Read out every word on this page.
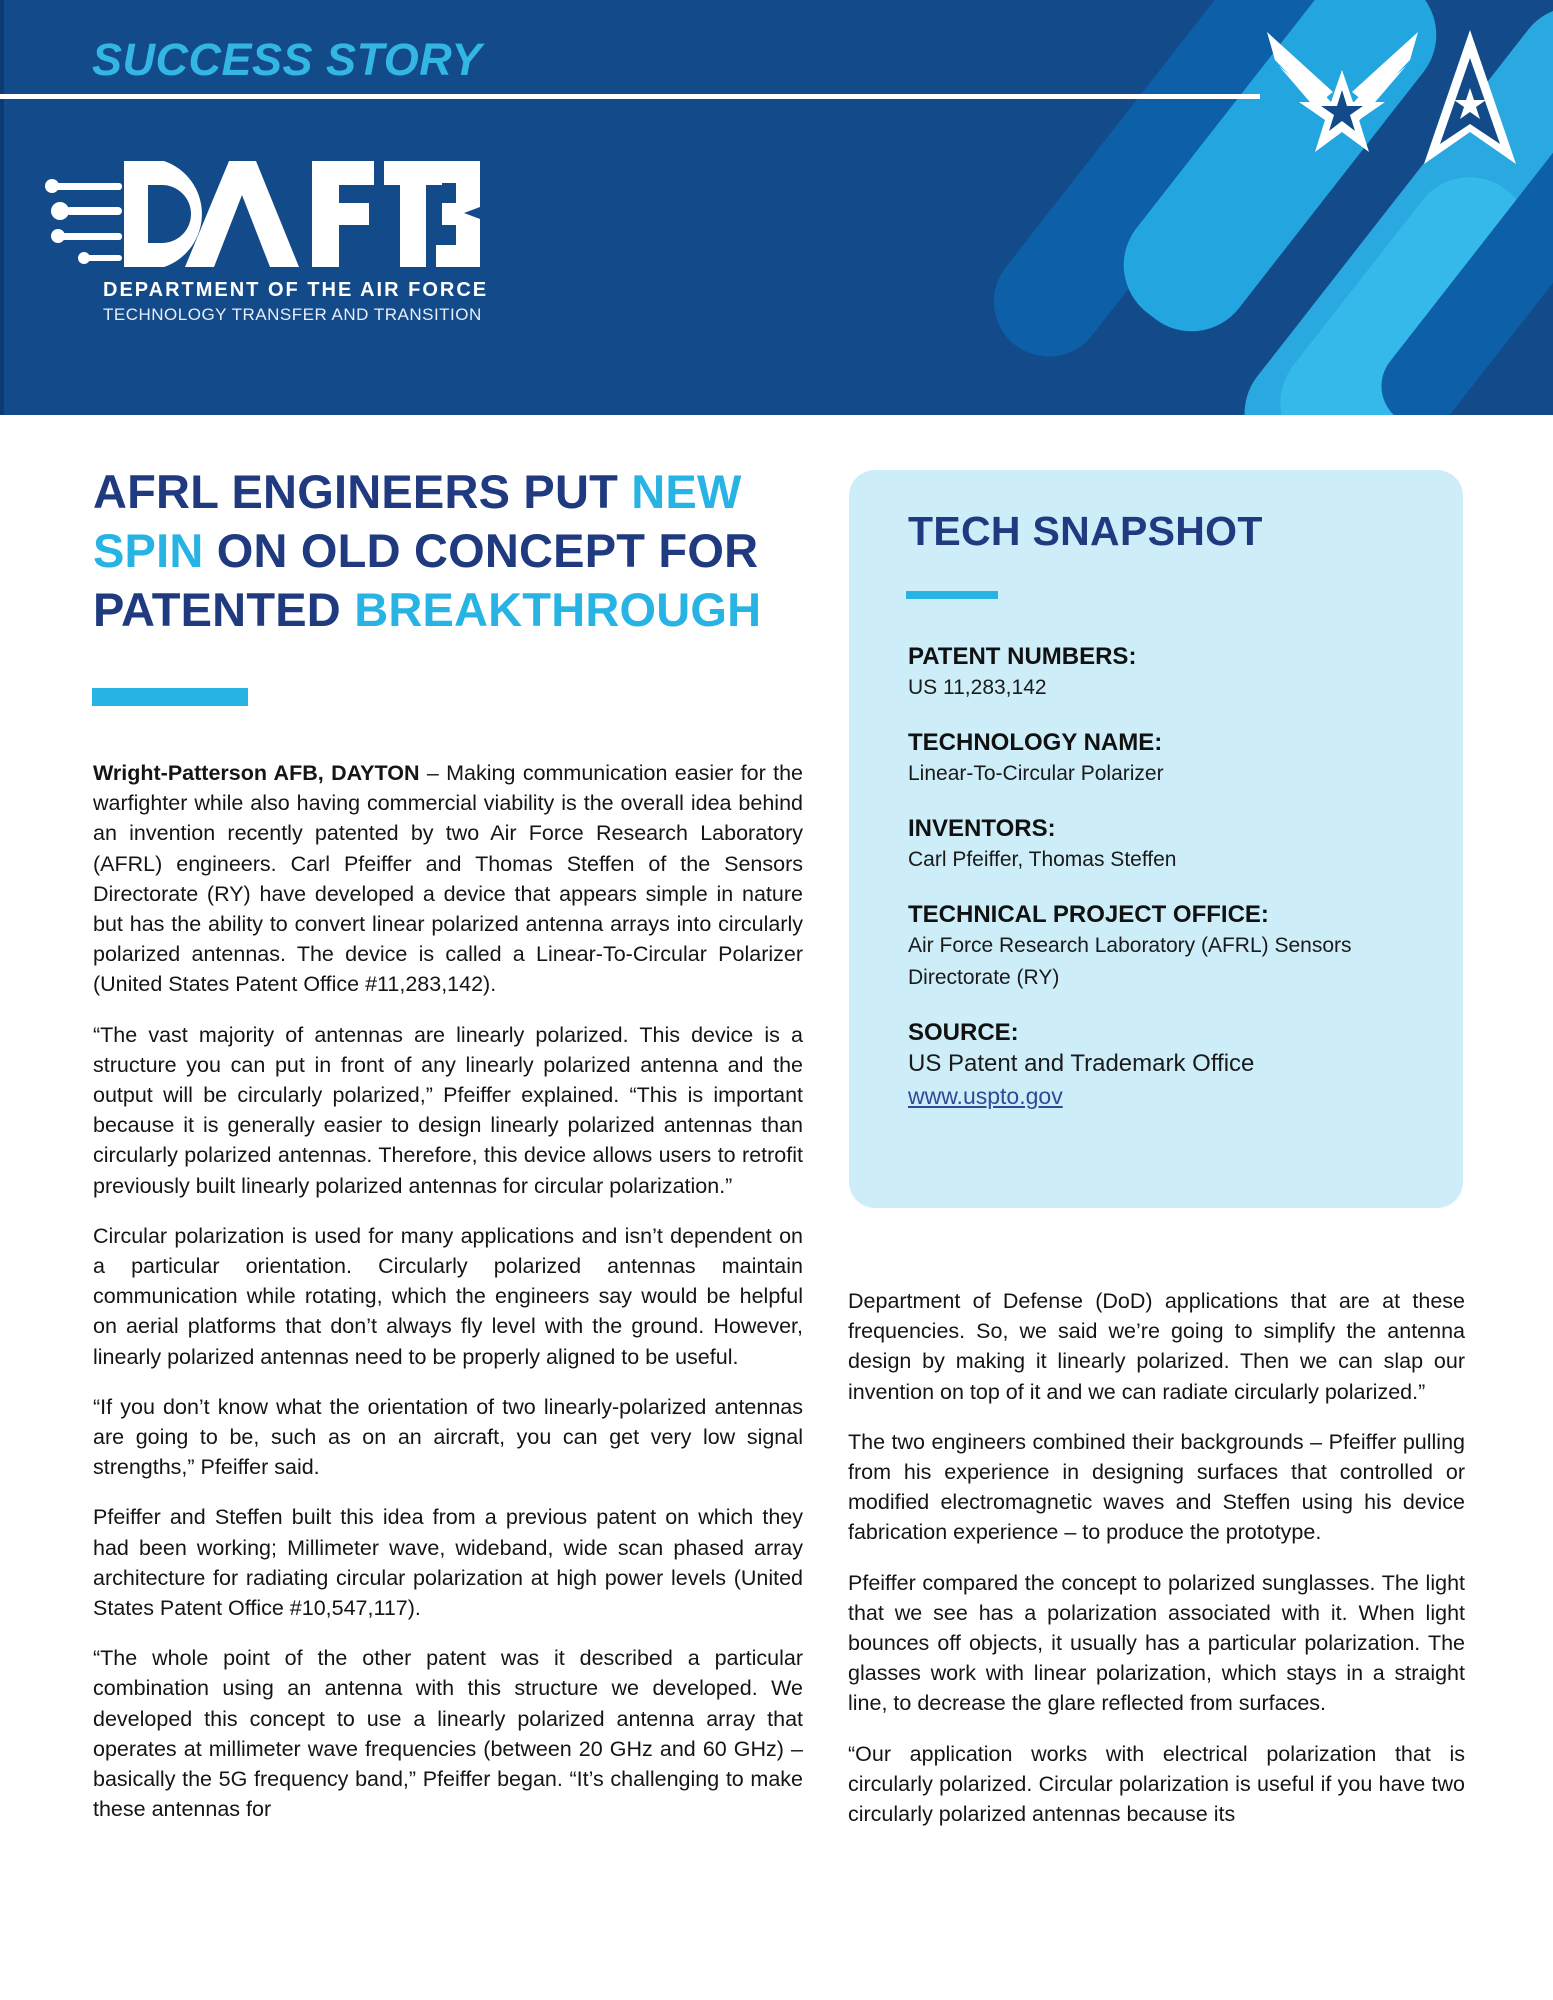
SUCCESS STORY
DEPARTMENT OF THE AIR FORCE
TECHNOLOGY TRANSFER AND TRANSITION
AFRL ENGINEERS PUT NEW SPIN ON OLD CONCEPT FOR PATENTED BREAKTHROUGH

Wright-Patterson AFB, DAYTON – Making communication easier for the warfighter while also having commercial viability is the overall idea behind an invention recently patented by two Air Force Research Laboratory (AFRL) engineers. Carl Pfeiffer and Thomas Steffen of the Sensors Directorate (RY) have developed a device that appears simple in nature but has the ability to convert linear polarized antenna arrays into circularly polarized antennas. The device is called a Linear-To-Circular Polarizer (United States Patent Office #11,283,142).

“The vast majority of antennas are linearly polarized. This device is a structure you can put in front of any linearly polarized antenna and the output will be circularly polarized,” Pfeiffer explained. “This is important because it is generally easier to design linearly polarized antennas than circularly polarized antennas. Therefore, this device allows users to retrofit previously built linearly polarized antennas for circular polarization.”

Circular polarization is used for many applications and isn’t dependent on a particular orientation. Circularly polarized antennas maintain communication while rotating, which the engineers say would be helpful on aerial platforms that don’t always fly level with the ground. However, linearly polarized antennas need to be properly aligned to be useful.

“If you don’t know what the orientation of two linearly-polarized antennas are going to be, such as on an aircraft, you can get very low signal strengths,” Pfeiffer said.

Pfeiffer and Steffen built this idea from a previous patent on which they had been working; Millimeter wave, wideband, wide scan phased array architecture for radiating circular polarization at high power levels (United States Patent Office #10,547,117).

“The whole point of the other patent was it described a particular combination using an antenna with this structure we developed. We developed this concept to use a linearly polarized antenna array that operates at millimeter wave frequencies (between 20 GHz and 60 GHz) – basically the 5G frequency band,” Pfeiffer began. “It’s challenging to make these antennas for

TECH SNAPSHOT
PATENT NUMBERS:
US 11,283,142
TECHNOLOGY NAME:
Linear-To-Circular Polarizer
INVENTORS:
Carl Pfeiffer, Thomas Steffen
TECHNICAL PROJECT OFFICE:
Air Force Research Laboratory (AFRL) Sensors Directorate (RY)
SOURCE:
US Patent and Trademark Office
www.uspto.gov

Department of Defense (DoD) applications that are at these frequencies. So, we said we’re going to simplify the antenna design by making it linearly polarized. Then we can slap our invention on top of it and we can radiate circularly polarized.”

The two engineers combined their backgrounds – Pfeiffer pulling from his experience in designing surfaces that controlled or modified electromagnetic waves and Steffen using his device fabrication experience – to produce the prototype.

Pfeiffer compared the concept to polarized sunglasses. The light that we see has a polarization associated with it. When light bounces off objects, it usually has a particular polarization. The glasses work with linear polarization, which stays in a straight line, to decrease the glare reflected from surfaces.

“Our application works with electrical polarization that is circularly polarized. Circular polarization is useful if you have two circularly polarized antennas because its
